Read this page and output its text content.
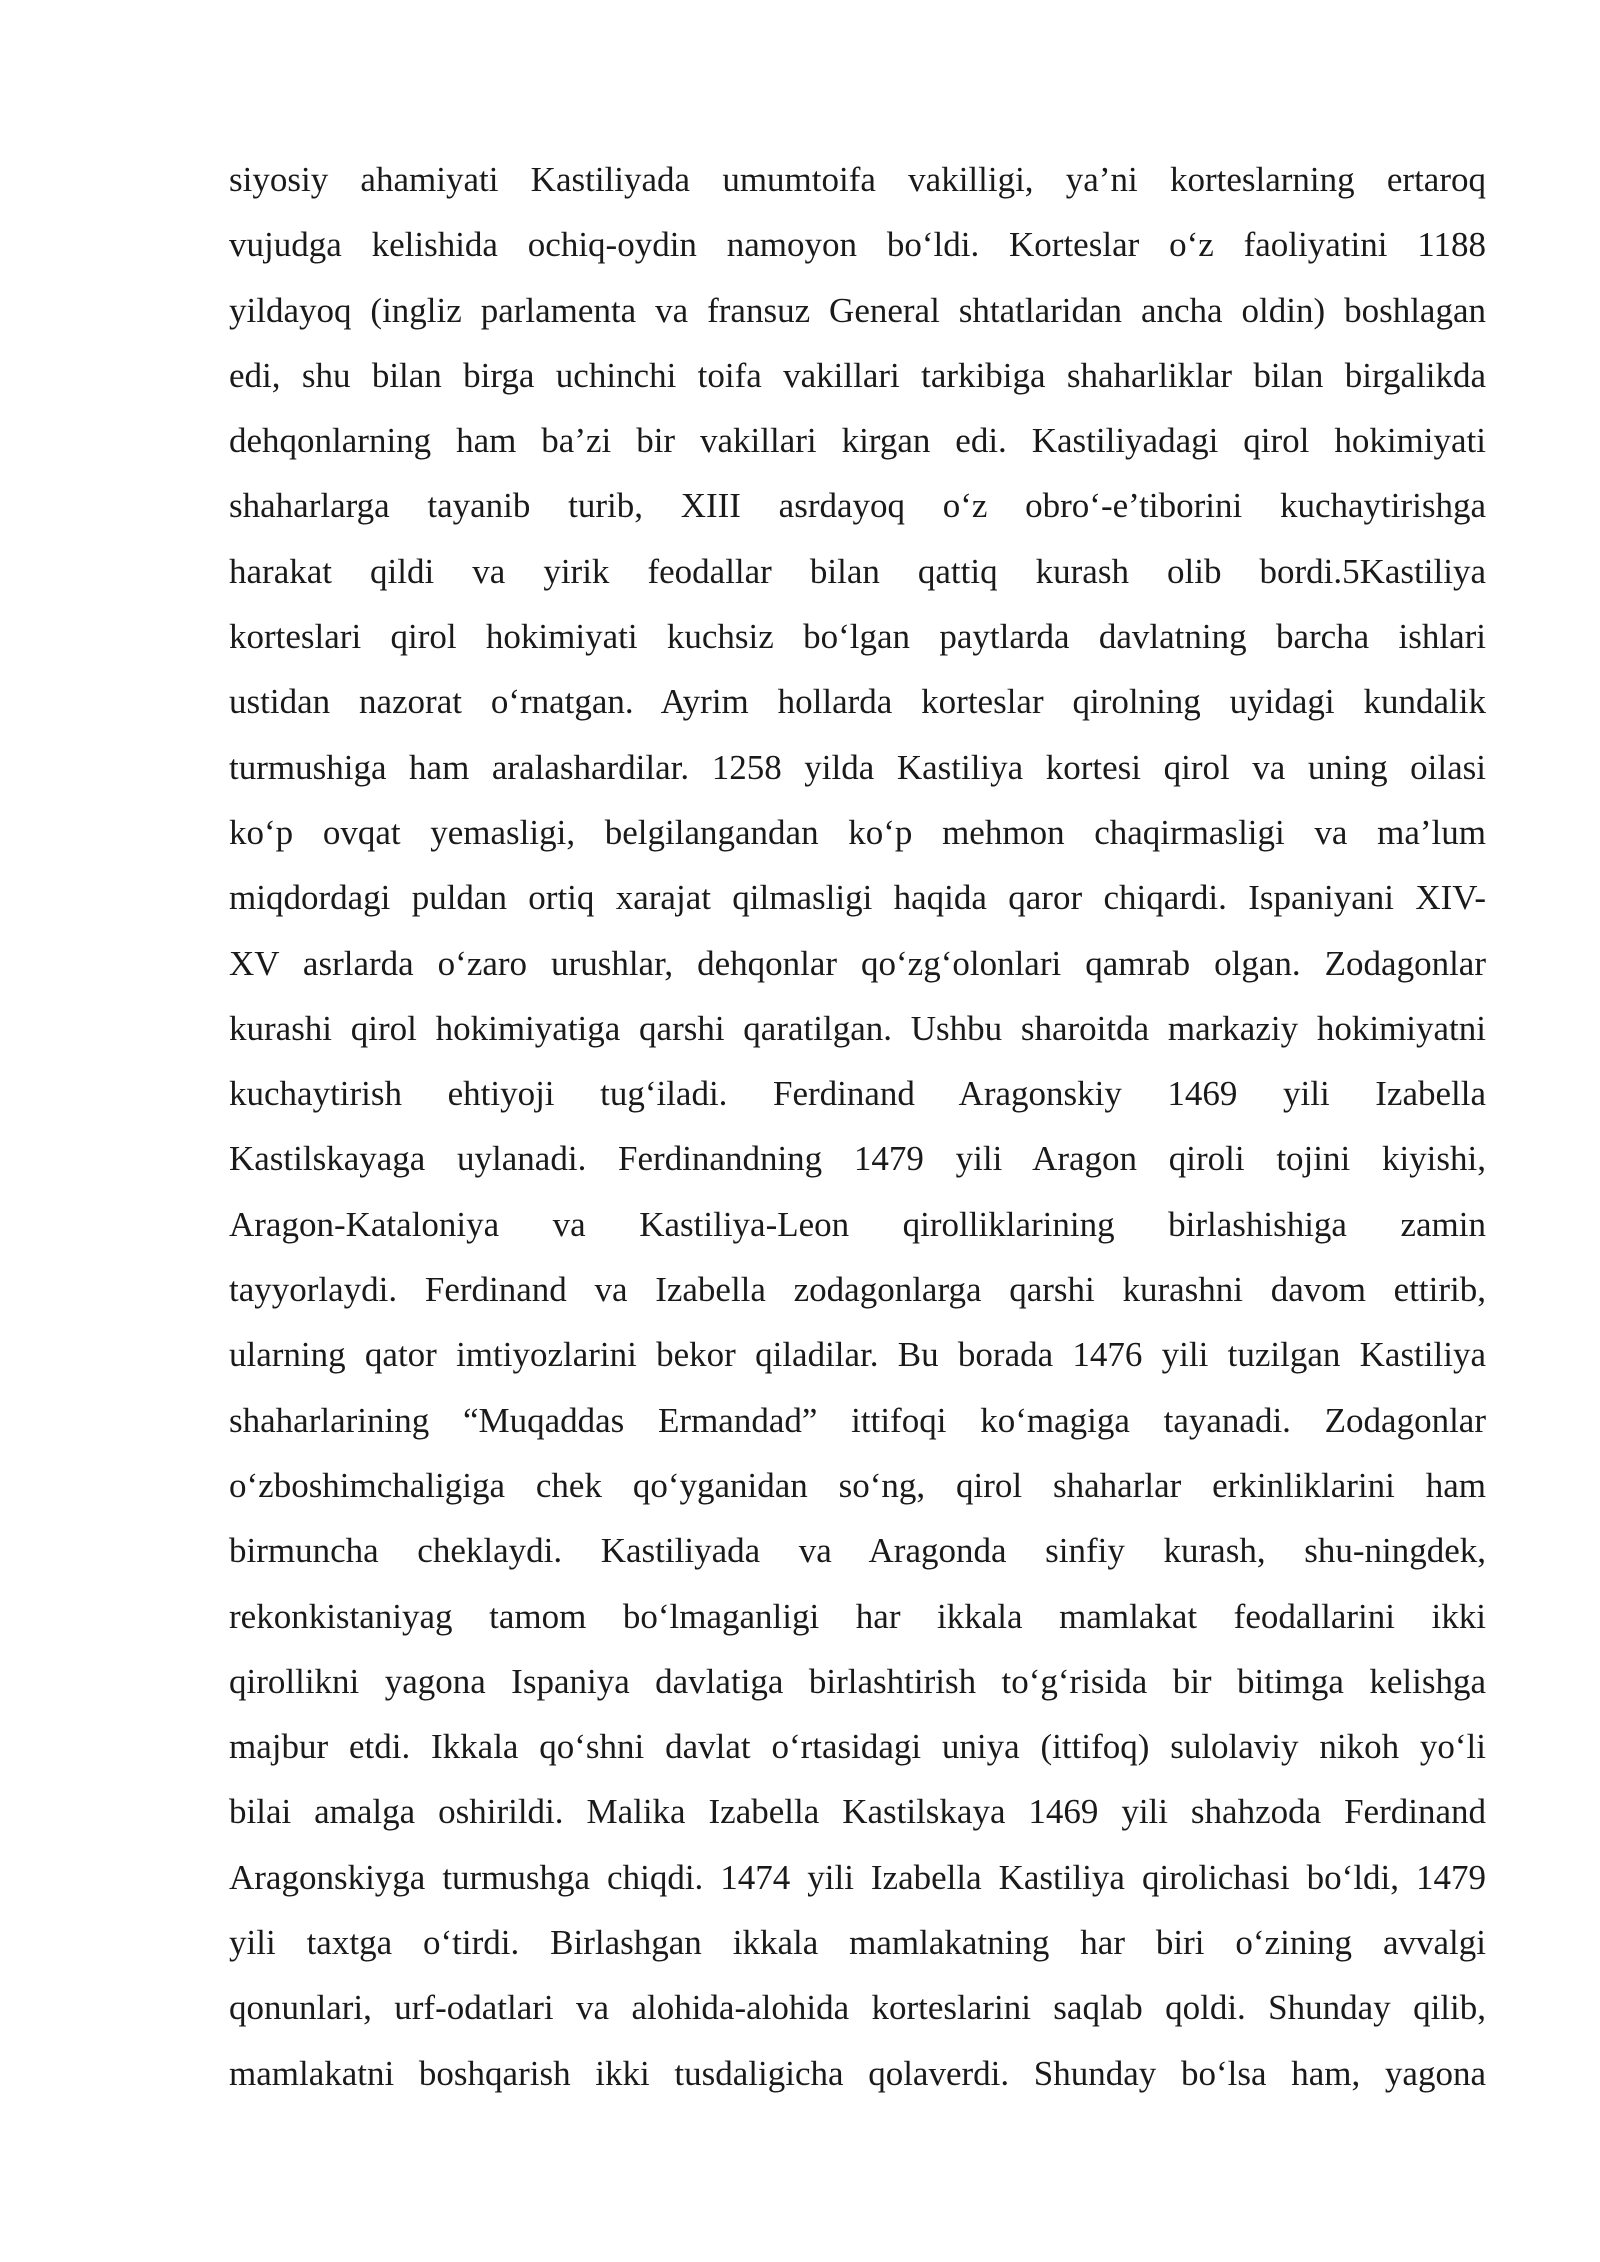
siyosiy ahamiyati Kastiliyada umumtoifa vakilligi, ya’ni korteslarning ertaroq
vujudga kelishida ochiq-oydin namoyon bo‘ldi. Korteslar o‘z faoliyatini 1188
yildayoq (ingliz parlamenta va fransuz General shtatlaridan ancha oldin) boshlagan
edi, shu bilan birga uchinchi toifa vakillari tarkibiga shaharliklar bilan birgalikda
dehqonlarning ham ba’zi bir vakillari kirgan edi. Kastiliyadagi qirol hokimiyati
shaharlarga tayanib turib, XIII asrdayoq o‘z obro‘-e’tiborini kuchaytirishga
harakat qildi va yirik feodallar bilan qattiq kurash olib bordi.5Kastiliya
korteslari qirol hokimiyati kuchsiz bo‘lgan paytlarda davlatning barcha ishlari
ustidan nazorat o‘rnatgan. Ayrim hollarda korteslar qirolning uyidagi kundalik
turmushiga ham aralashardilar. 1258 yilda Kastiliya kortesi qirol va uning oilasi
ko‘p ovqat yemasligi, belgilangandan ko‘p mehmon chaqirmasligi va ma’lum
miqdordagi puldan ortiq xarajat qilmasligi haqida qaror chiqardi. Ispaniyani XIV-
XV asrlarda o‘zaro urushlar, dehqonlar qo‘zg‘olonlari qamrab olgan. Zodagonlar
kurashi qirol hokimiyatiga qarshi qaratilgan. Ushbu sharoitda markaziy hokimiyatni
kuchaytirish ehtiyoji tug‘iladi. Ferdinand Aragonskiy 1469 yili Izabella
Kastilskayaga uylanadi. Ferdinandning 1479 yili Aragon qiroli tojini kiyishi,
Aragon-Kataloniya va Kastiliya-Leon qirolliklarining birlashishiga zamin
tayyorlaydi. Ferdinand va Izabella zodagonlarga qarshi kurashni davom ettirib,
ularning qator imtiyozlarini bekor qiladilar. Bu borada 1476 yili tuzilgan Kastiliya
shaharlarining “Muqaddas Ermandad” ittifoqi ko‘magiga tayanadi. Zodagonlar
o‘zboshimchaligiga chek qo‘yganidan so‘ng, qirol shaharlar erkinliklarini ham
birmuncha cheklaydi. Kastiliyada va Aragonda sinfiy kurash, shu-ningdek,
rekonkistaniyag tamom bo‘lmaganligi har ikkala mamlakat feodallarini ikki
qirollikni yagona Ispaniya davlatiga birlashtirish to‘g‘risida bir bitimga kelishga
majbur etdi. Ikkala qo‘shni davlat o‘rtasidagi uniya (ittifoq) sulolaviy nikoh yo‘li
bilai amalga oshirildi. Malika Izabella Kastilskaya 1469 yili shahzoda Ferdinand
Aragonskiyga turmushga chiqdi. 1474 yili Izabella Kastiliya qirolichasi bo‘ldi, 1479
yili taxtga o‘tirdi. Birlashgan ikkala mamlakatning har biri o‘zining avvalgi
qonunlari, urf-odatlari va alohida-alohida korteslarini saqlab qoldi. Shunday qilib,
mamlakatni boshqarish ikki tusdaligicha qolaverdi. Shunday bo‘lsa ham, yagona
